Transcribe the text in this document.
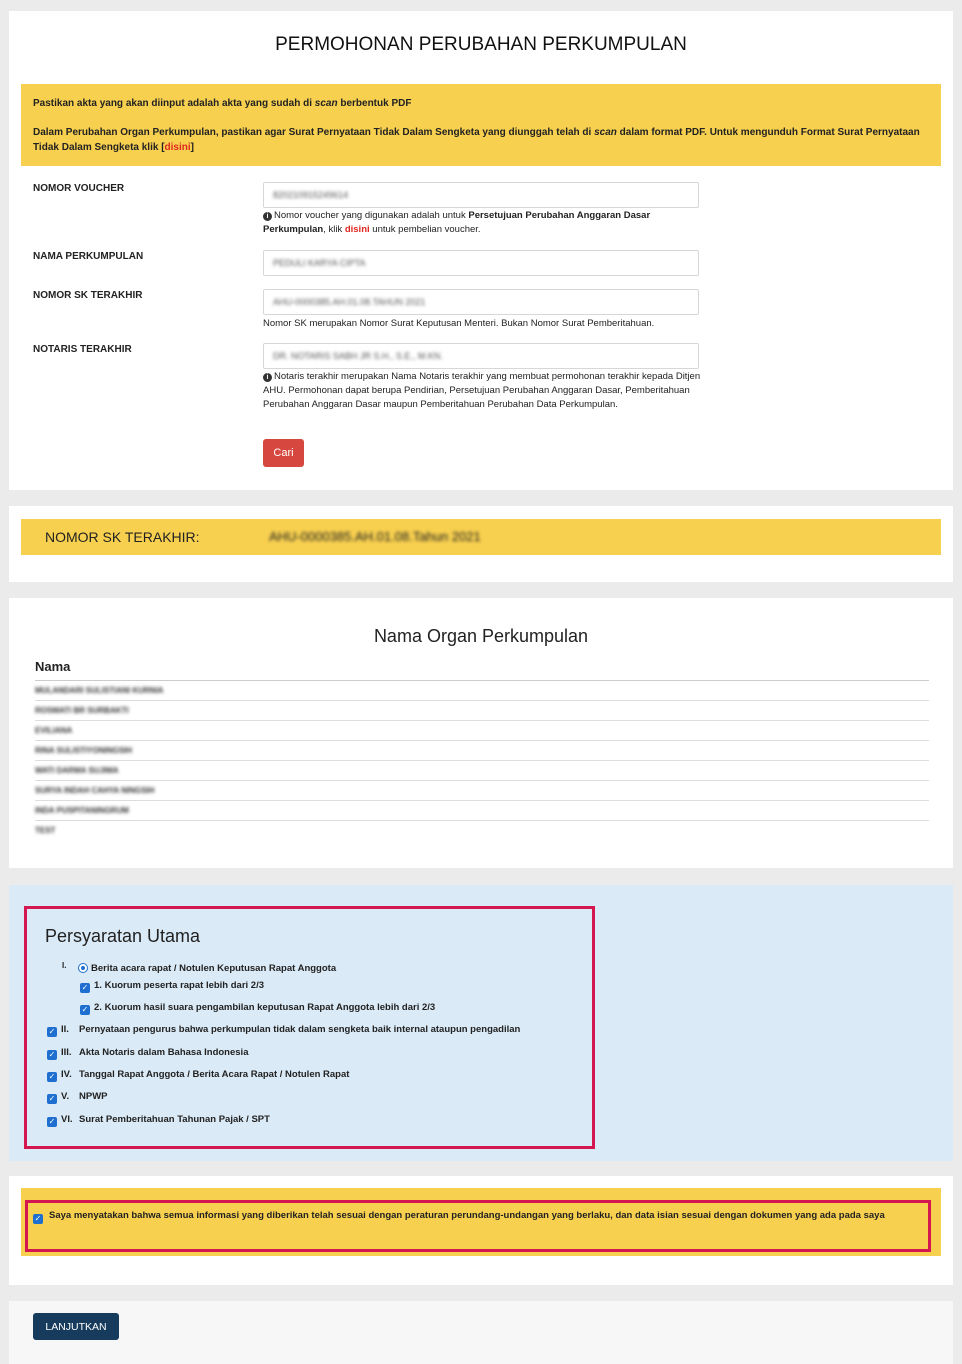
PERMOHONAN PERUBAHAN PERKUMPULAN

Pastikan akta yang akan diinput adalah akta yang sudah di scan berbentuk PDF

Dalam Perubahan Organ Perkumpulan, pastikan agar Surat Pernyataan Tidak Dalam Sengketa yang diunggah telah di scan dalam format PDF. Untuk mengunduh Format Surat Pernyataan Tidak Dalam Sengketa klik [disini]

NOMOR VOUCHER
820210915249614
i Nomor voucher yang digunakan adalah untuk Persetujuan Perubahan Anggaran Dasar Perkumpulan, klik disini untuk pembelian voucher.
NAMA PERKUMPULAN
PEDULI KARYA CIPTA
NOMOR SK TERAKHIR
AHU-0000385.AH.01.08.TAHUN 2021
Nomor SK merupakan Nomor Surat Keputusan Menteri. Bukan Nomor Surat Pemberitahuan.
NOTARIS TERAKHIR
DR. NOTARIS SABH JR S.H., S.E., M.KN.
i Notaris terakhir merupakan Nama Notaris terakhir yang membuat permohonan terakhir kepada Ditjen AHU. Permohonan dapat berupa Pendirian, Persetujuan Perubahan Anggaran Dasar, Pemberitahuan Perubahan Anggaran Dasar maupun Pemberitahuan Perubahan Data Perkumpulan.
Cari
NOMOR SK TERAKHIR:	AHU-0000385.AH.01.08.Tahun 2021
Nama Organ Perkumpulan
Nama
MULANDARI SULISTIANI KURNIA
ROSMATI BR SURBAKTI
EVILIANA
RINA SULISTIYONINGSIH
WATI DARMA SUJIMA
SURYA INDAH CAHYA NINGSIH
INDA PUSPITANINGRUM
TEST
Persyaratan Utama
I.	Berita acara rapat / Notulen Keputusan Rapat Anggota
✓ 1. Kuorum peserta rapat lebih dari 2/3
✓ 2. Kuorum hasil suara pengambilan keputusan Rapat Anggota lebih dari 2/3
✓ II. Pernyataan pengurus bahwa perkumpulan tidak dalam sengketa baik internal ataupun pengadilan
✓ III. Akta Notaris dalam Bahasa Indonesia
✓ IV. Tanggal Rapat Anggota / Berita Acara Rapat / Notulen Rapat
✓ V. NPWP
✓ VI. Surat Pemberitahuan Tahunan Pajak / SPT
✓ Saya menyatakan bahwa semua informasi yang diberikan telah sesuai dengan peraturan perundang-undangan yang berlaku, dan data isian sesuai dengan dokumen yang ada pada saya
LANJUTKAN
